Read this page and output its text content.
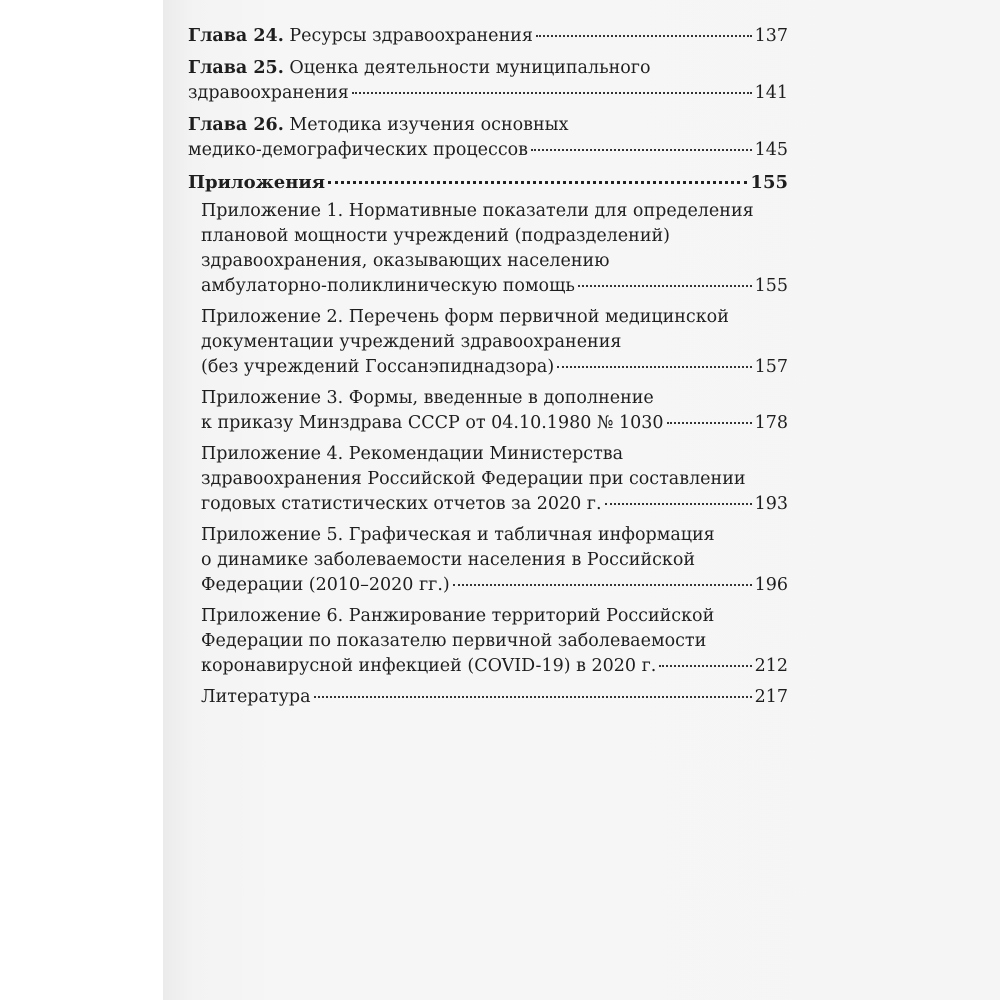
Глава 24. Ресурсы здравоохранения	137
Глава 25. Оценка деятельности муниципального
здравоохранения	141
Глава 26. Методика изучения основных
медико-демографических процессов	145
Приложения	155
Приложение 1. Нормативные показатели для определения
плановой мощности учреждений (подразделений)
здравоохранения, оказывающих населению
амбулаторно-поликлиническую помощь	155
Приложение 2. Перечень форм первичной медицинской
документации учреждений здравоохранения
(без учреждений Госсанэпиднадзора)	157
Приложение 3. Формы, введенные в дополнение
к приказу Минздрава СССР от 04.10.1980 № 1030	178
Приложение 4. Рекомендации Министерства
здравоохранения Российской Федерации при составлении
годовых статистических отчетов за 2020 г.	193
Приложение 5. Графическая и табличная информация
о динамике заболеваемости населения в Российской
Федерации (2010–2020 гг.)	196
Приложение 6. Ранжирование территорий Российской
Федерации по показателю первичной заболеваемости
коронавирусной инфекцией (COVID-19) в 2020 г.	212
Литература	217
